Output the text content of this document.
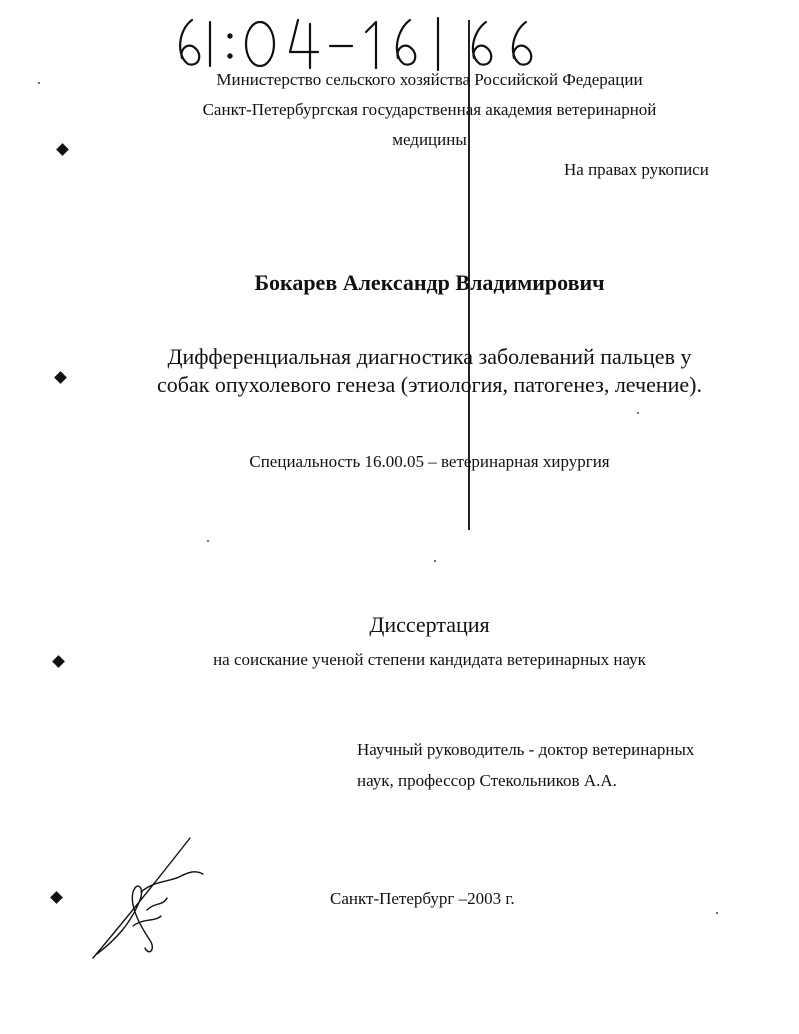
Министерство сельского хозяйства Российской Федерации

Санкт-Петербургская государственная академия ветеринарной

медицины

На правах рукописи

Бокарев Александр Владимирович

Дифференциальная диагностика заболеваний пальцев у

собак опухолевого генеза (этиология, патогенез, лечение).

Специальность 16.00.05 – ветеринарная хирургия

Диссертация

на соискание ученой степени кандидата ветеринарных наук

Научный руководитель - доктор ветеринарных

наук, профессор Стекольников А.А.

Санкт-Петербург –2003 г.
